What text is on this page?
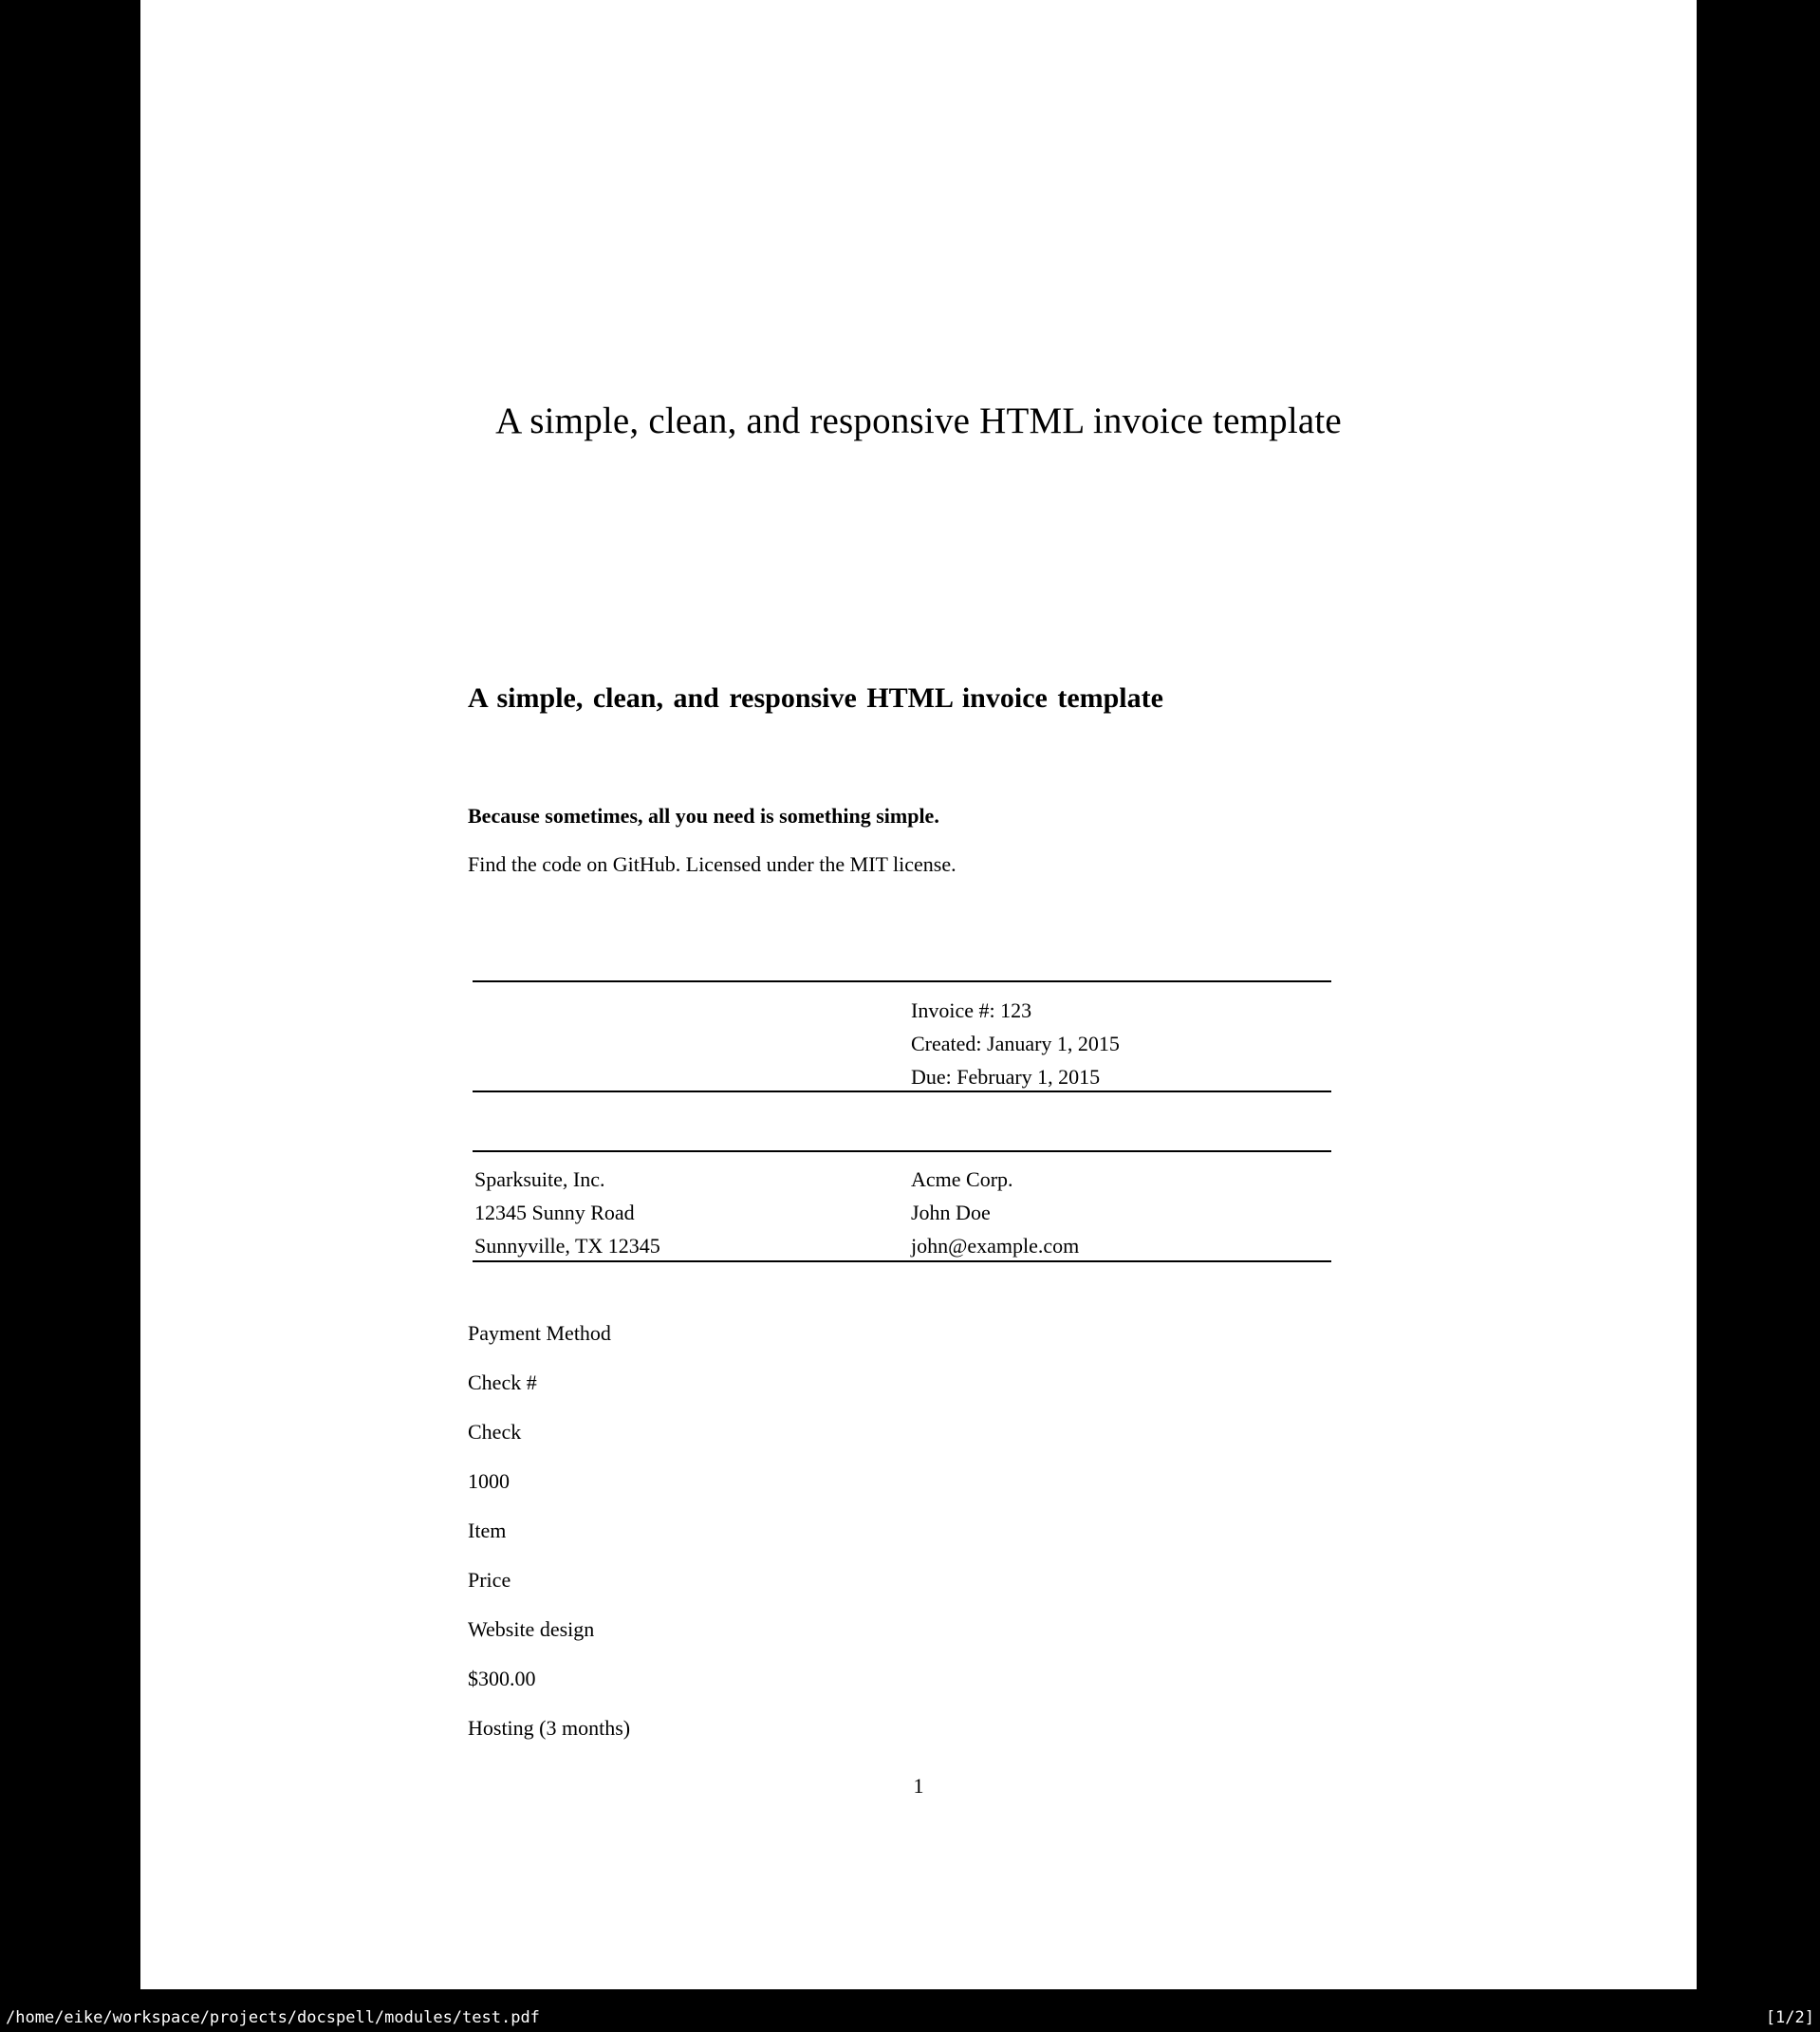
A simple, clean, and responsive HTML invoice template
A simple, clean, and responsive HTML invoice template
Because sometimes, all you need is something simple.
Find the code on GitHub. Licensed under the MIT license.
Invoice #: 123
Created: January 1, 2015
Due: February 1, 2015
Sparksuite, Inc.
12345 Sunny Road
Sunnyville, TX 12345
Acme Corp.
John Doe
john@example.com
Payment Method
Check #
Check
1000
Item
Price
Website design
$300.00
Hosting (3 months)
1
/home/eike/workspace/projects/docspell/modules/test.pdf	[1/2]
